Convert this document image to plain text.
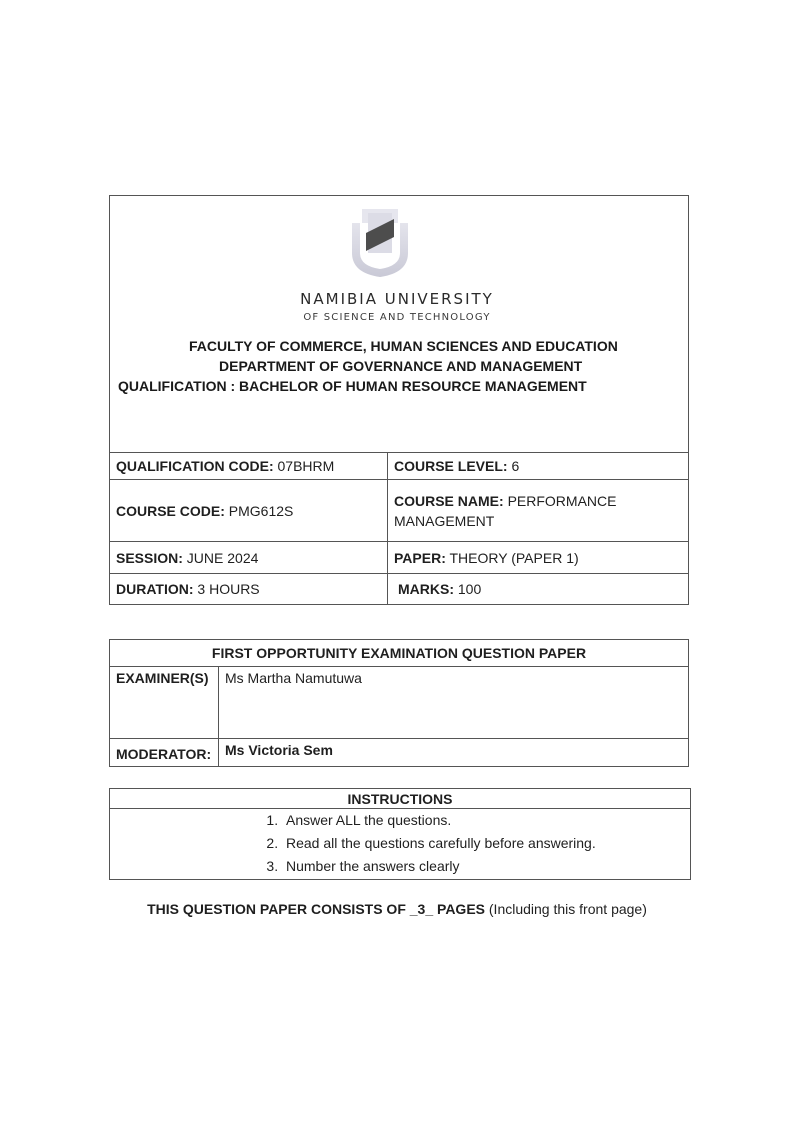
NAMIBIA UNIVERSITY
OF SCIENCE AND TECHNOLOGY
FACULTY OF COMMERCE, HUMAN SCIENCES AND EDUCATION
DEPARTMENT OF GOVERNANCE AND MANAGEMENT
QUALIFICATION : BACHELOR OF HUMAN RESOURCE MANAGEMENT
QUALIFICATION CODE: 07BHRM	COURSE LEVEL: 6
COURSE CODE: PMG612S	COURSE NAME: PERFORMANCE MANAGEMENT
SESSION: JUNE 2024	PAPER: THEORY (PAPER 1)
DURATION: 3 HOURS	MARKS: 100
FIRST OPPORTUNITY EXAMINATION QUESTION PAPER	
EXAMINER(S)	Ms Martha Namutuwa
MODERATOR:	Ms Victoria Sem
INSTRUCTIONS

1. Answer ALL the questions.
2. Read all the questions carefully before answering.
3. Number the answers clearly
THIS QUESTION PAPER CONSISTS OF _3_ PAGES (Including this front page)
